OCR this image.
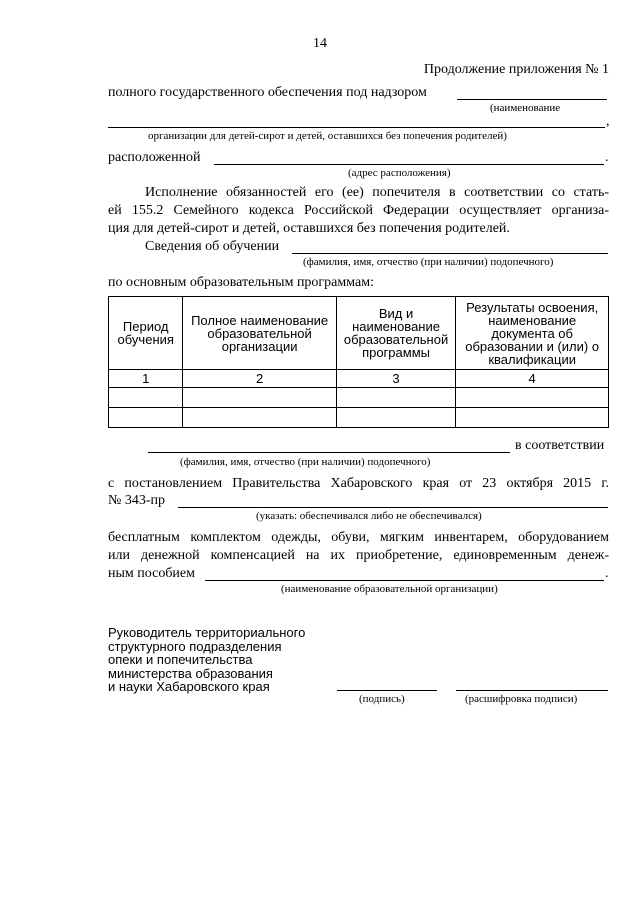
14
Продолжение приложения № 1
полного государственного обеспечения под надзором
(наименование
,
организации для детей-сирот и детей, оставшихся без попечения родителей)
расположенной	.
(адрес расположения)
Исполнение обязанностей его (ее) попечителя в соответствии со стать-
ей 155.2 Семейного кодекса Российской Федерации осуществляет организа-
ция для детей-сирот и детей, оставшихся без попечения родителей.
Сведения об обучении
(фамилия, имя, отчество (при наличии) подопечного)
по основным образовательным программам:
Период обучения	Полное наименование образовательной организации	Вид и наименование образовательной программы	Результаты освоения, наименование документа об образовании и (или) о квалификации
1	2	3	4

в соответствии
(фамилия, имя, отчество (при наличии) подопечного)
с постановлением Правительства Хабаровского края от 23 октября 2015 г.
№ 343-пр
(указать: обеспечивался либо не обеспечивался)
бесплатным комплектом одежды, обуви, мягким инвентарем, оборудованием
или денежной компенсацией на их приобретение, единовременным денеж-
ным пособием	.
(наименование образовательной организации)
Руководитель территориального
структурного подразделения
опеки и попечительства
министерства образования
и науки Хабаровского края
(подпись)	(расшифровка подписи)
